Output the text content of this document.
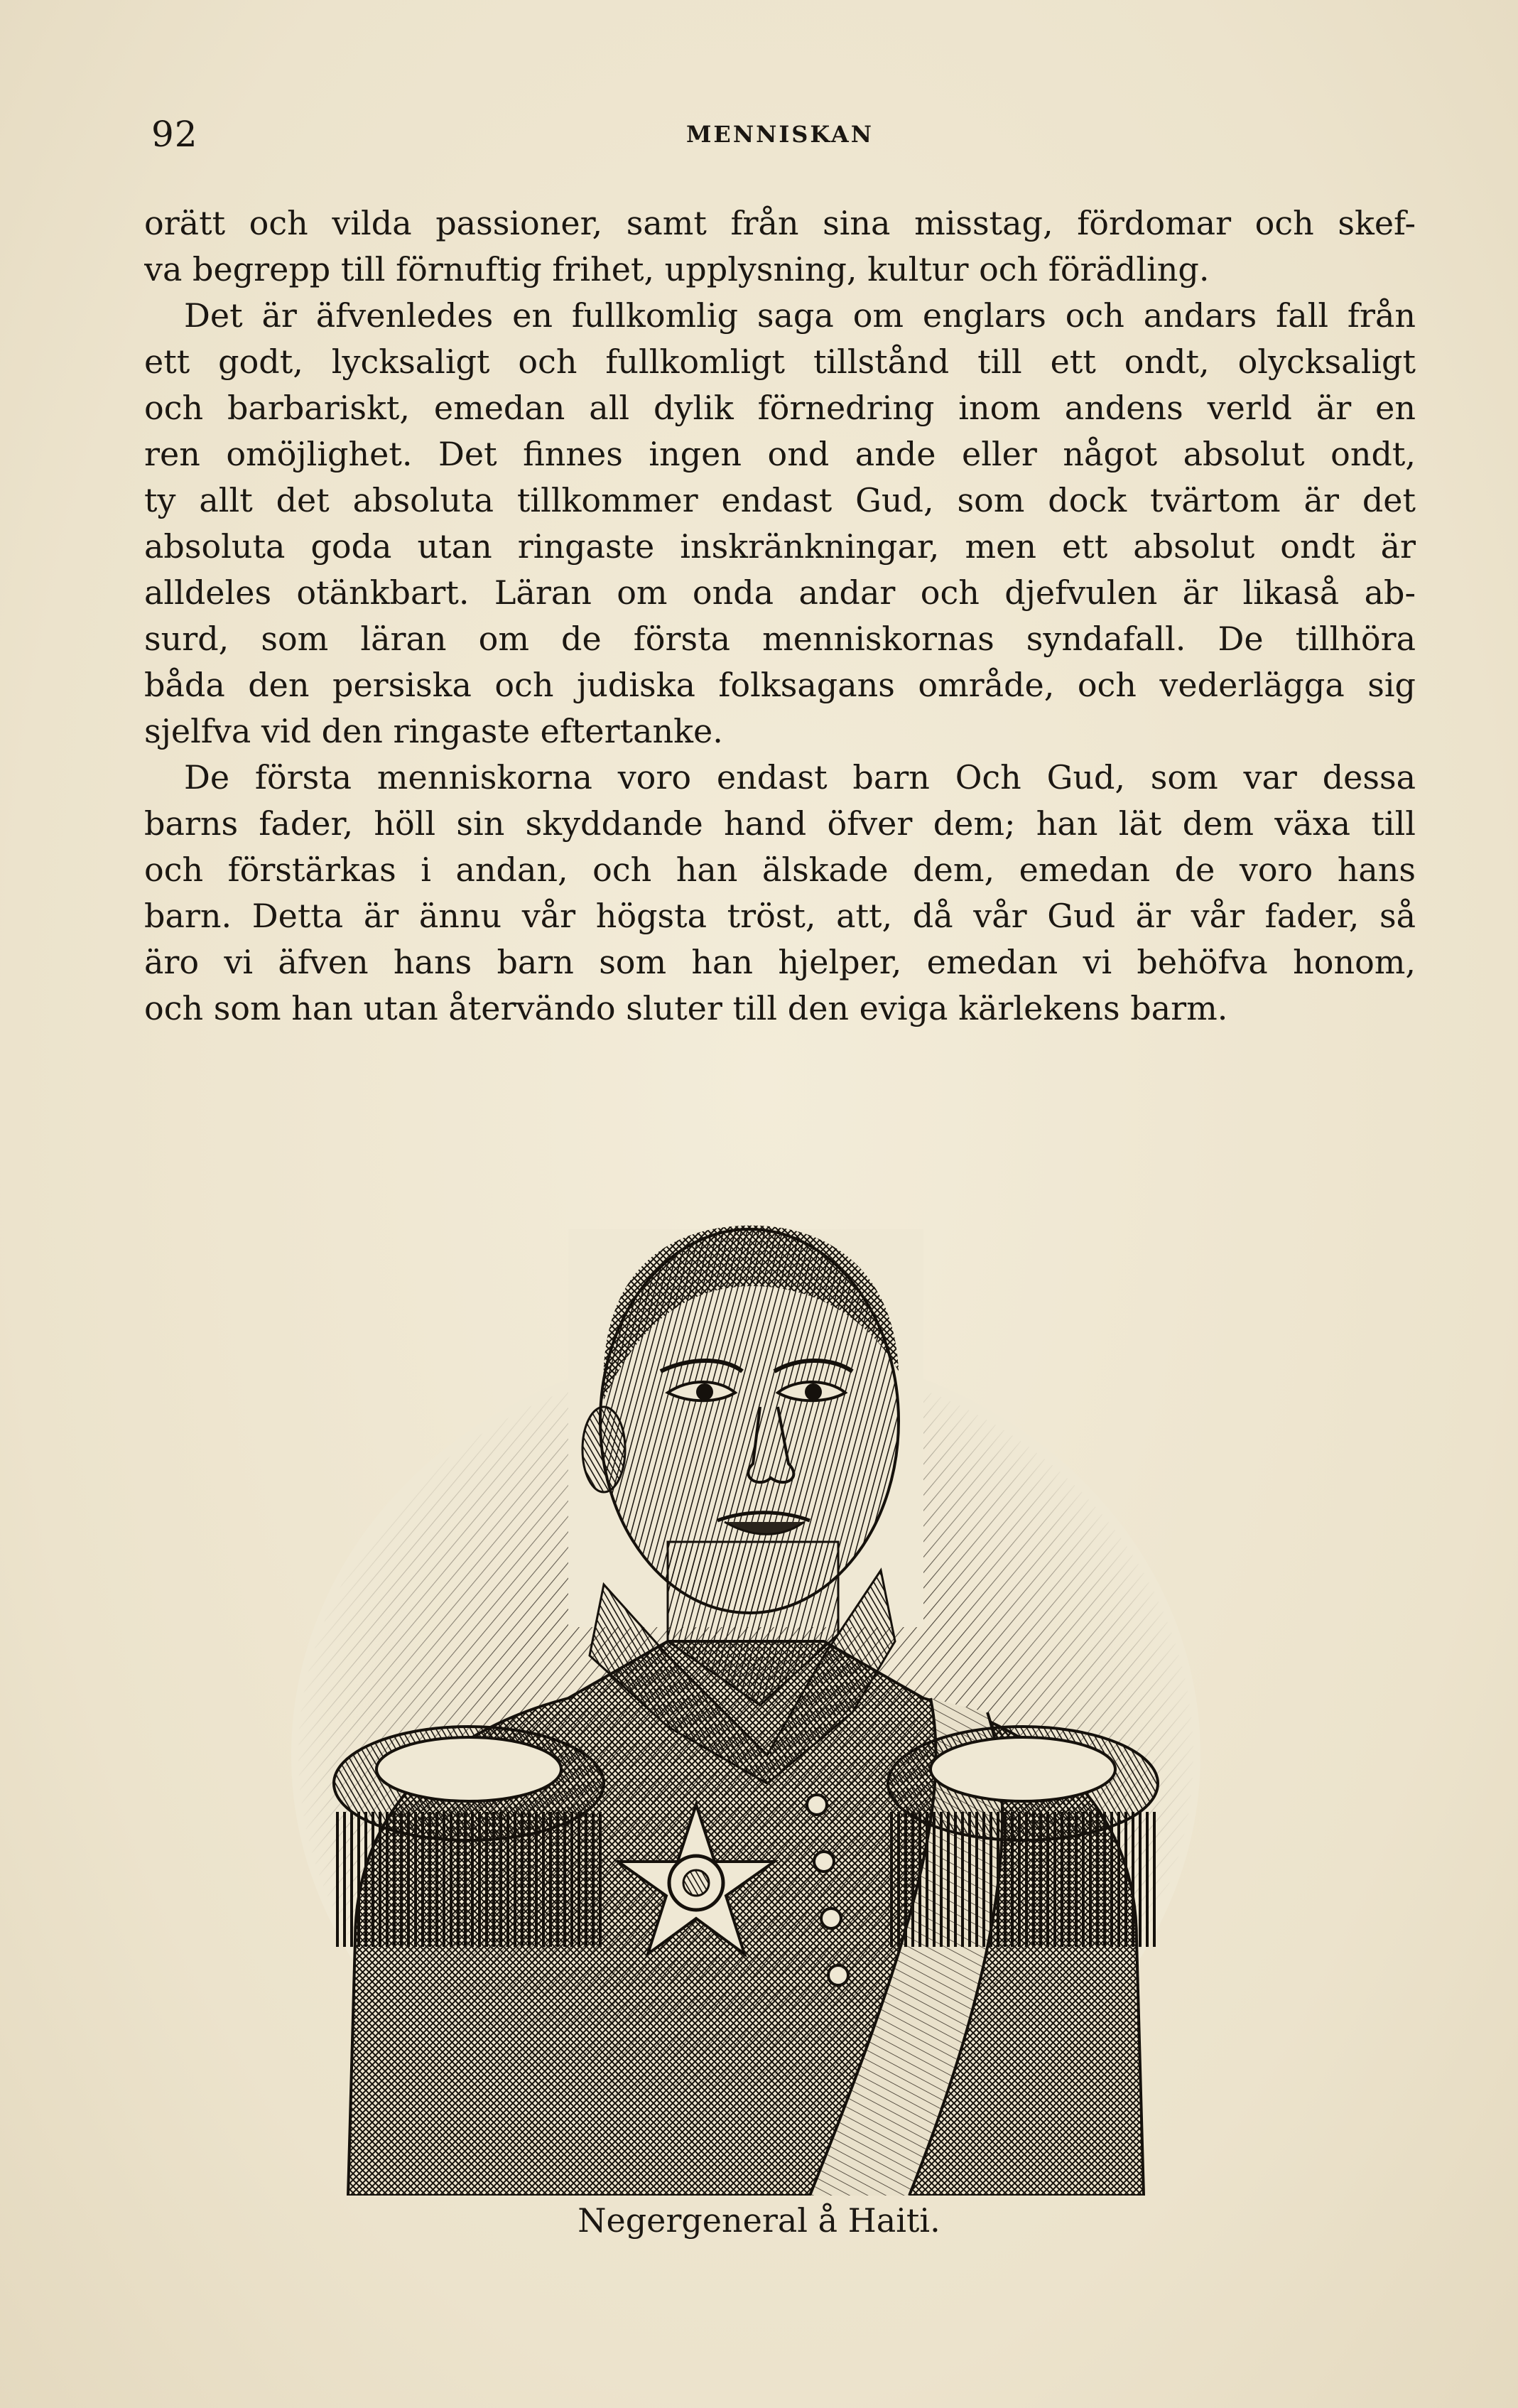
92	MENNISKAN
orätt och vilda passioner, samt från sina misstag, fördomar och skef-
va begrepp till förnuftig frihet, upplysning, kultur och förädling.
Det är äfvenledes en fullkomlig saga om englars och andars fall från
ett godt, lycksaligt och fullkomligt tillstånd till ett ondt, olycksaligt
och barbariskt, emedan all dylik förnedring inom andens verld är en
ren omöjlighet. Det finnes ingen ond ande eller något absolut ondt,
ty allt det absoluta tillkommer endast Gud, som dock tvärtom är det
absoluta goda utan ringaste inskränkningar, men ett absolut ondt är
alldeles otänkbart. Läran om onda andar och djefvulen är likaså ab-
surd, som läran om de första menniskornas syndafall. De tillhöra
båda den persiska och judiska folksagans område, och vederlägga sig
sjelfva vid den ringaste eftertanke.
De första menniskorna voro endast barn Och Gud, som var dessa
barns fader, höll sin skyddande hand öfver dem; han lät dem växa till
och förstärkas i andan, och han älskade dem, emedan de voro hans
barn. Detta är ännu vår högsta tröst, att, då vår Gud är vår fader, så
äro vi äfven hans barn som han hjelper, emedan vi behöfva honom,
och som han utan återvändo sluter till den eviga kärlekens barm.
Negergeneral å Haiti.
